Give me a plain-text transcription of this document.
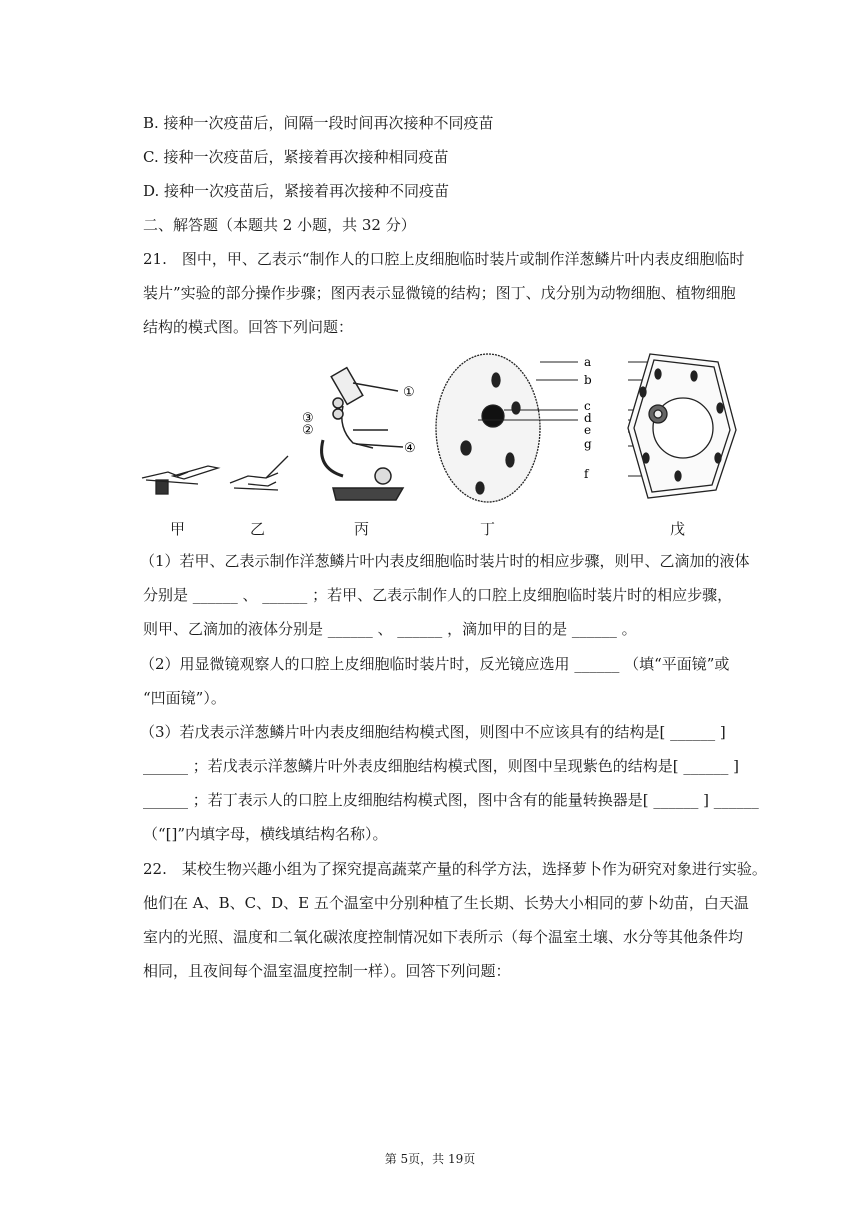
B. 接种一次疫苗后，间隔一段时间再次接种不同疫苗
C. 接种一次疫苗后，紧接着再次接种相同疫苗
D. 接种一次疫苗后，紧接着再次接种不同疫苗
二、解答题（本题共 2 小题，共 32 分）
21.　图中，甲、乙表示“制作人的口腔上皮细胞临时装片或制作洋葱鳞片叶内表皮细胞临时
装片”实验的部分操作步骤；图丙表示显微镜的结构；图丁、戊分别为动物细胞、植物细胞
结构的模式图。回答下列问题：
①
②
③
④
a
b
c
d
e
g
f
甲	乙	丙	丁	戊
（1）若甲、乙表示制作洋葱鳞片叶内表皮细胞临时装片时的相应步骤，则甲、乙滴加的液体
分别是 ______ 、 ______ ；若甲、乙表示制作人的口腔上皮细胞临时装片时的相应步骤，
则甲、乙滴加的液体分别是 ______ 、 ______ ，滴加甲的目的是 ______ 。
（2）用显微镜观察人的口腔上皮细胞临时装片时，反光镜应选用 ______ （填“平面镜”或
“凹面镜”）。
（3）若戊表示洋葱鳞片叶内表皮细胞结构模式图，则图中不应该具有的结构是[ ______ ]
______ ；若戊表示洋葱鳞片叶外表皮细胞结构模式图，则图中呈现紫色的结构是[ ______ ]
______ ；若丁表示人的口腔上皮细胞结构模式图，图中含有的能量转换器是[ ______ ] ______
（“[]”内填字母，横线填结构名称）。
22.　某校生物兴趣小组为了探究提高蔬菜产量的科学方法，选择萝卜作为研究对象进行实验。
他们在 A、B、C、D、E 五个温室中分别种植了生长期、长势大小相同的萝卜幼苗，白天温
室内的光照、温度和二氧化碳浓度控制情况如下表所示（每个温室土壤、水分等其他条件均
相同，且夜间每个温室温度控制一样）。回答下列问题：
第 5页，共 19页
